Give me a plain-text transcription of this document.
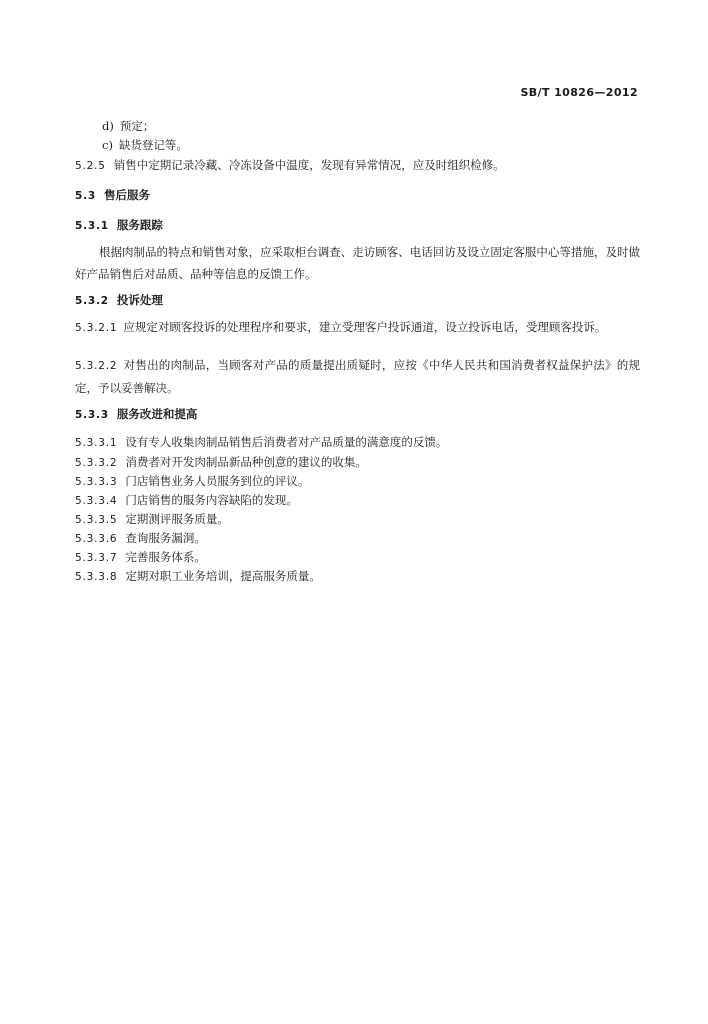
SB/T 10826—2012
d) 预定；
c) 缺货登记等。
5.2.5 销售中定期记录冷藏、冷冻设备中温度，发现有异常情况，应及时组织检修。
5.3 售后服务
5.3.1 服务跟踪
根据肉制品的特点和销售对象，应采取柜台调查、走访顾客、电话回访及设立固定客服中心等措施，及时做好产品销售后对品质、品种等信息的反馈工作。
5.3.2 投诉处理
5.3.2.1 应规定对顾客投诉的处理程序和要求，建立受理客户投诉通道，设立投诉电话，受理顾客投诉。
5.3.2.2 对售出的肉制品，当顾客对产品的质量提出质疑时，应按《中华人民共和国消费者权益保护法》的规定，予以妥善解决。
5.3.3 服务改进和提高
5.3.3.1 设有专人收集肉制品销售后消费者对产品质量的满意度的反馈。
5.3.3.2 消费者对开发肉制品新品种创意的建议的收集。
5.3.3.3 门店销售业务人员服务到位的评议。
5.3.3.4 门店销售的服务内容缺陷的发现。
5.3.3.5 定期测评服务质量。
5.3.3.6 查询服务漏洞。
5.3.3.7 完善服务体系。
5.3.3.8 定期对职工业务培训，提高服务质量。
